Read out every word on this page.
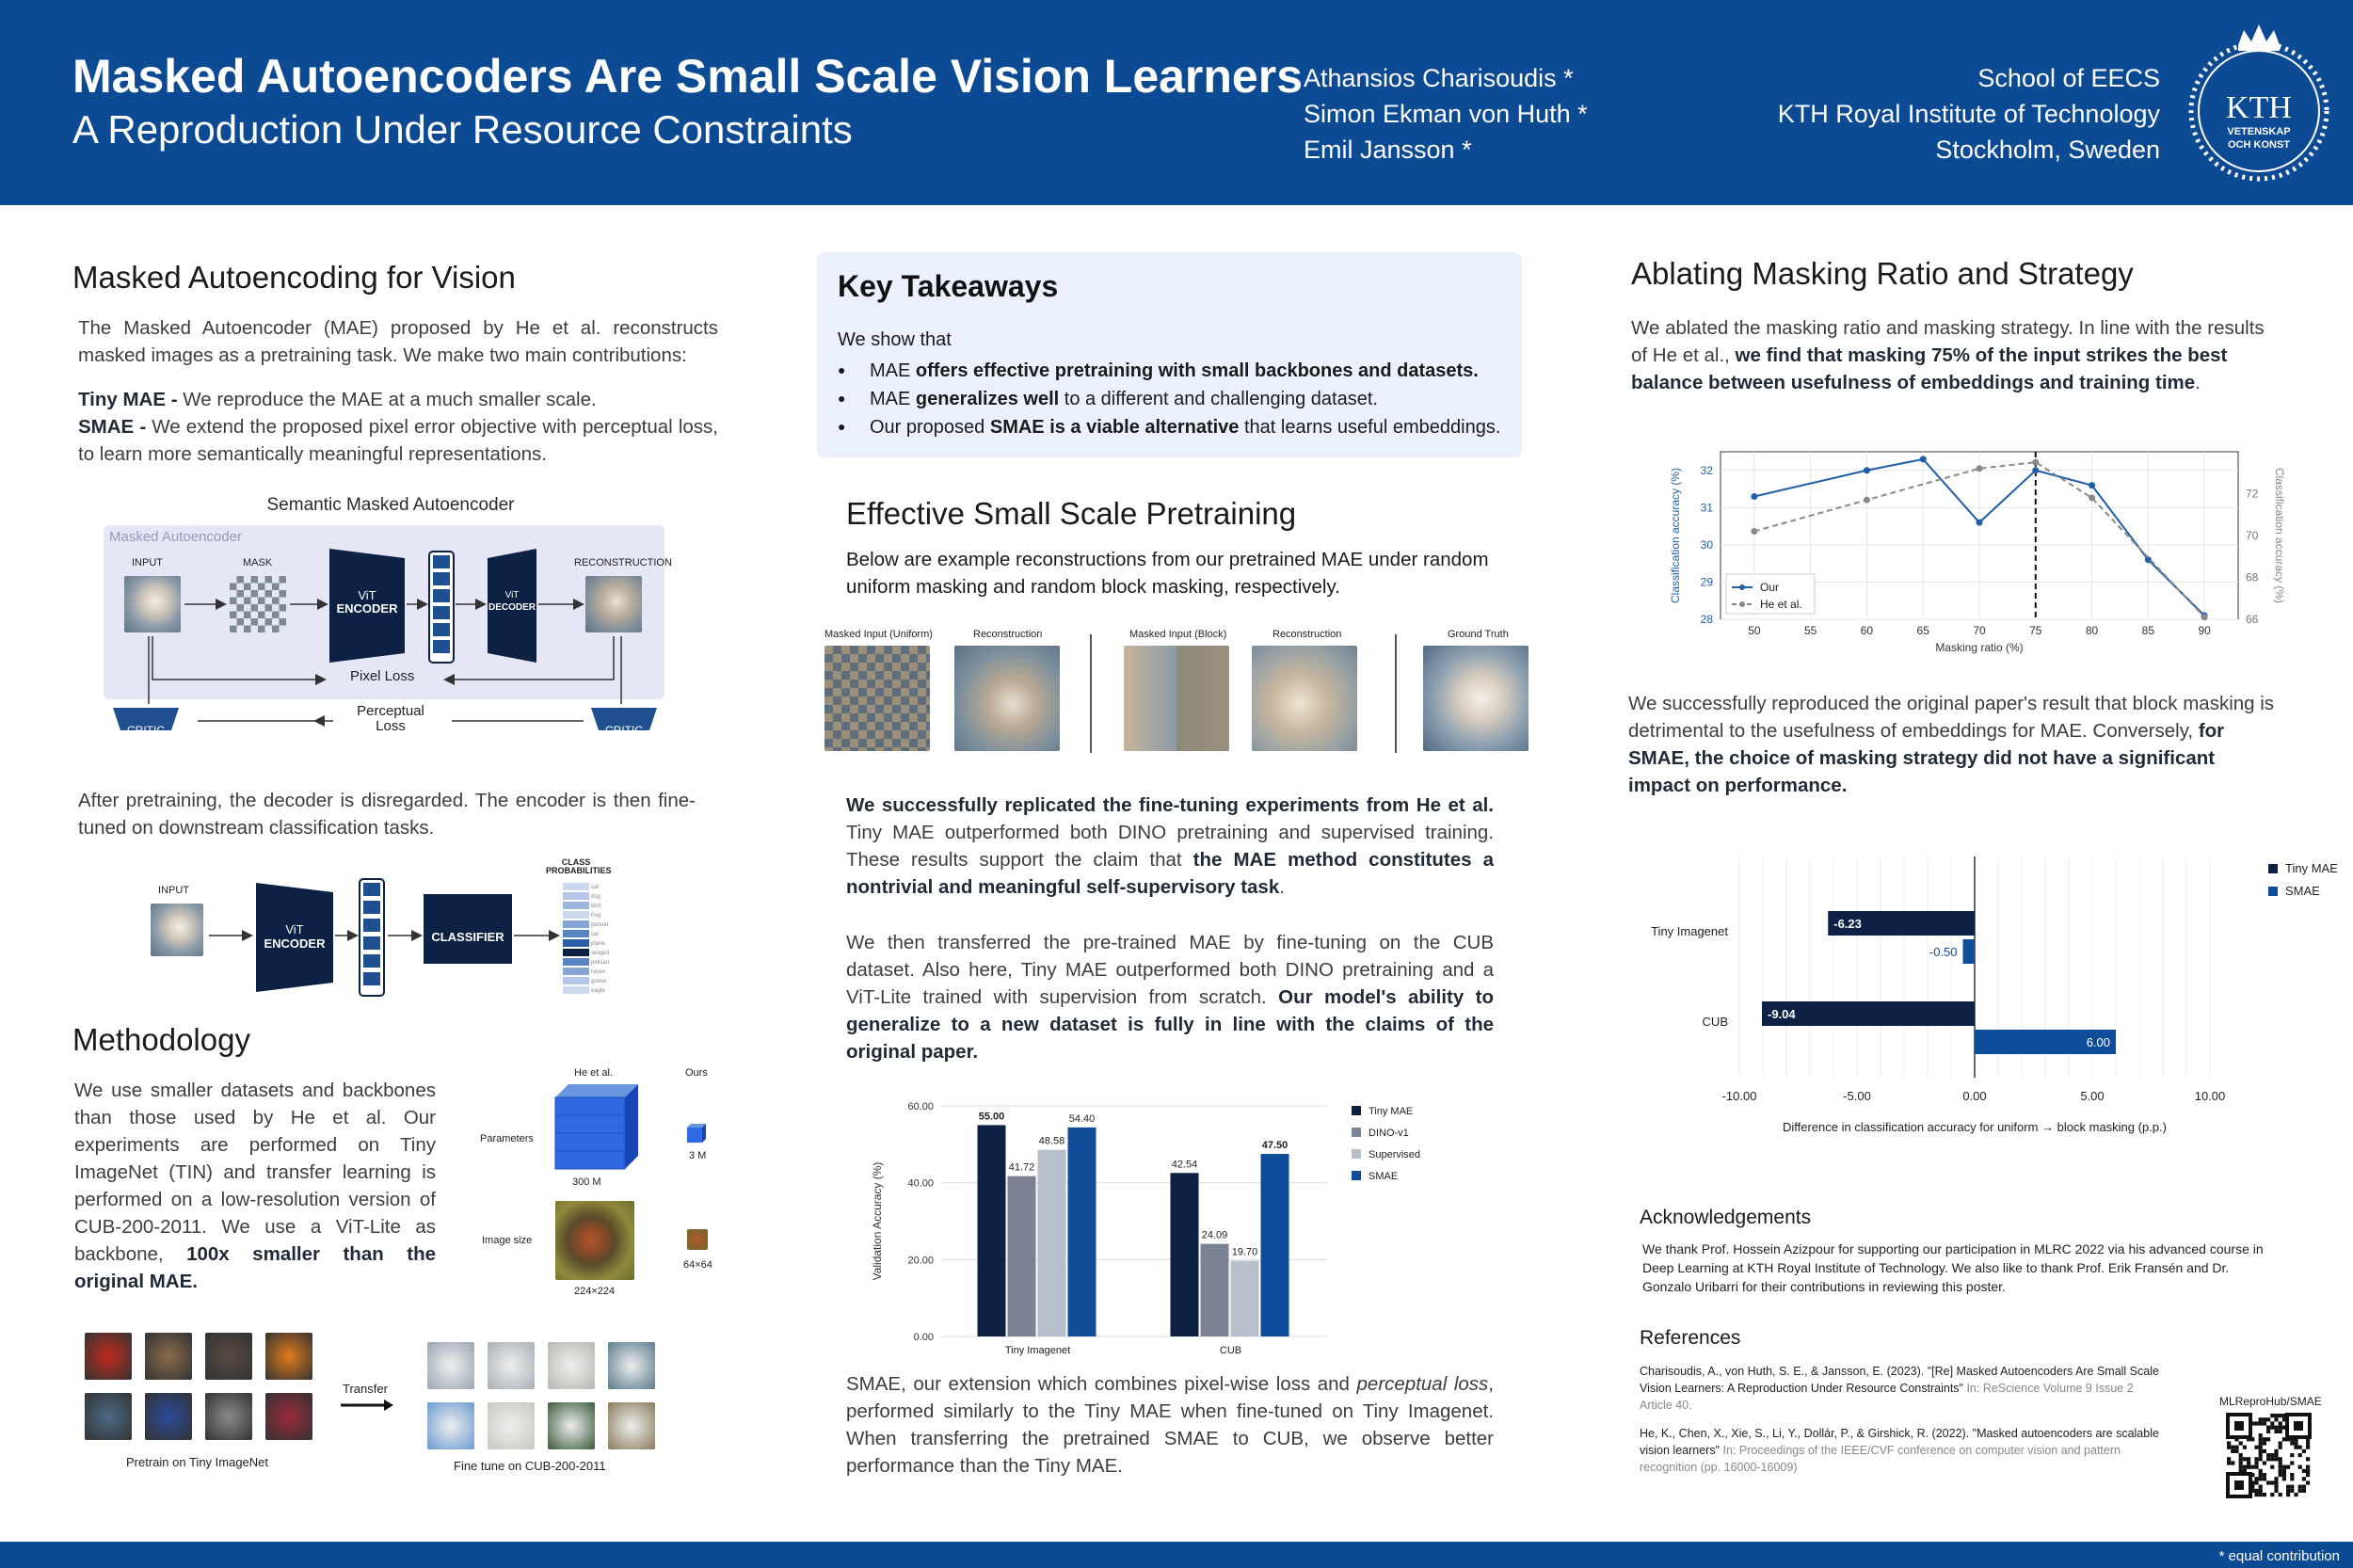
Masked Autoencoders Are Small Scale Vision Learners
A Reproduction Under Resource Constraints
Athansios Charisoudis *
Simon Ekman von Huth *
Emil Jansson *
School of EECS
KTH Royal Institute of Technology
Stockholm, Sweden
KTH
VETENSKAP
OCH KONST
Masked Autoencoding for Vision
The Masked Autoencoder (MAE) proposed by He et al. reconstructs masked images as a pretraining task. We make two main contributions:
Tiny MAE - We reproduce the MAE at a much smaller scale.
SMAE - We extend the proposed pixel error objective with perceptual loss, to learn more semantically meaningful representations.
Semantic Masked Autoencoder
Masked Autoencoder
INPUT	MASK	RECONSTRUCTION
ViT
ENCODER
ViT
DECODER
Pixel Loss
Perceptual
Loss
CRITIC	CRITIC
After pretraining, the decoder is disregarded. The encoder is then fine-tuned on downstream classification tasks.
INPUT
ViT
ENCODER	CLASSIFIER
CLASS
PROBABILITIES
cat
dog
bird
frog
person
car
plane
seagull
pelican
raven
goose
eagle
Methodology
We use smaller datasets and backbones than those used by He et al. Our experiments are performed on Tiny ImageNet (TIN) and transfer learning is performed on a low-resolution version of CUB-200-2011. We use a ViT-Lite as backbone, 100x smaller than the original MAE.
He et al.	Ours
Parameters
300 M
3 M
Image size
224×224
64×64
Transfer
Pretrain on Tiny ImageNet	Fine tune on CUB-200-2011
Key Takeaways
We show that
● MAE offers effective pretraining with small backbones and datasets.
● MAE generalizes well to a different and challenging dataset.
● Our proposed SMAE is a viable alternative that learns useful embeddings.
Effective Small Scale Pretraining
Below are example reconstructions from our pretrained MAE under random uniform masking and random block masking, respectively.
Masked Input (Uniform)	Reconstruction	Masked Input (Block)	Reconstruction	Ground Truth
We successfully replicated the fine-tuning experiments from He et al. Tiny MAE outperformed both DINO pretraining and supervised training. These results support the claim that the MAE method constitutes a nontrivial and meaningful self-supervisory task.
We then transferred the pre-trained MAE by fine-tuning on the CUB dataset. Also here, Tiny MAE outperformed both DINO pretraining and a ViT-Lite trained with supervision from scratch. Our model's ability to generalize to a new dataset is fully in line with the claims of the original paper.
0.00
20.00
40.00
60.00
Validation Accuracy (%)
55.00
41.72
48.58
54.40
Tiny Imagenet
42.54
24.09
19.70
47.50
CUB
Tiny MAE
DINO-v1
Supervised
SMAE
SMAE, our extension which combines pixel-wise loss and perceptual loss, performed similarly to the Tiny MAE when fine-tuned on Tiny Imagenet. When transferring the pretrained SMAE to CUB, we observe better performance than the Tiny MAE.
Ablating Masking Ratio and Strategy
We ablated the masking ratio and masking strategy. In line with the results of He et al., we find that masking 75% of the input strikes the best balance between usefulness of embeddings and training time.
50	55	60	65	70	75	80	85	90
28
29
30
31
32
66
68
70
72
Masking ratio (%)
Classification accuracy (%)	Classification accuracy (%)
Our
He et al.
We successfully reproduced the original paper's result that block masking is detrimental to the usefulness of embeddings for MAE. Conversely, for SMAE, the choice of masking strategy did not have a significant impact on performance.
-10.00	-5.00	0.00	5.00	10.00
Difference in classification accuracy for uniform → block masking (p.p.)
Tiny Imagenet
-6.23
-0.50
CUB
-9.04
6.00
Tiny MAE
SMAE
Acknowledgements
We thank Prof. Hossein Azizpour for supporting our participation in MLRC 2022 via his advanced course in Deep Learning at KTH Royal Institute of Technology. We also like to thank Prof. Erik Fransén and Dr. Gonzalo Uribarri for their contributions in reviewing this poster.
References
Charisoudis, A., von Huth, S. E., & Jansson, E. (2023). "[Re] Masked Autoencoders Are Small Scale Vision Learners: A Reproduction Under Resource Constraints" In: ReScience Volume 9 Issue 2 Article 40.
He, K., Chen, X., Xie, S., Li, Y., Dollár, P., & Girshick, R. (2022). "Masked autoencoders are scalable vision learners" In: Proceedings of the IEEE/CVF conference on computer vision and pattern recognition (pp. 16000-16009)
MLReproHub/SMAE
* equal contribution
